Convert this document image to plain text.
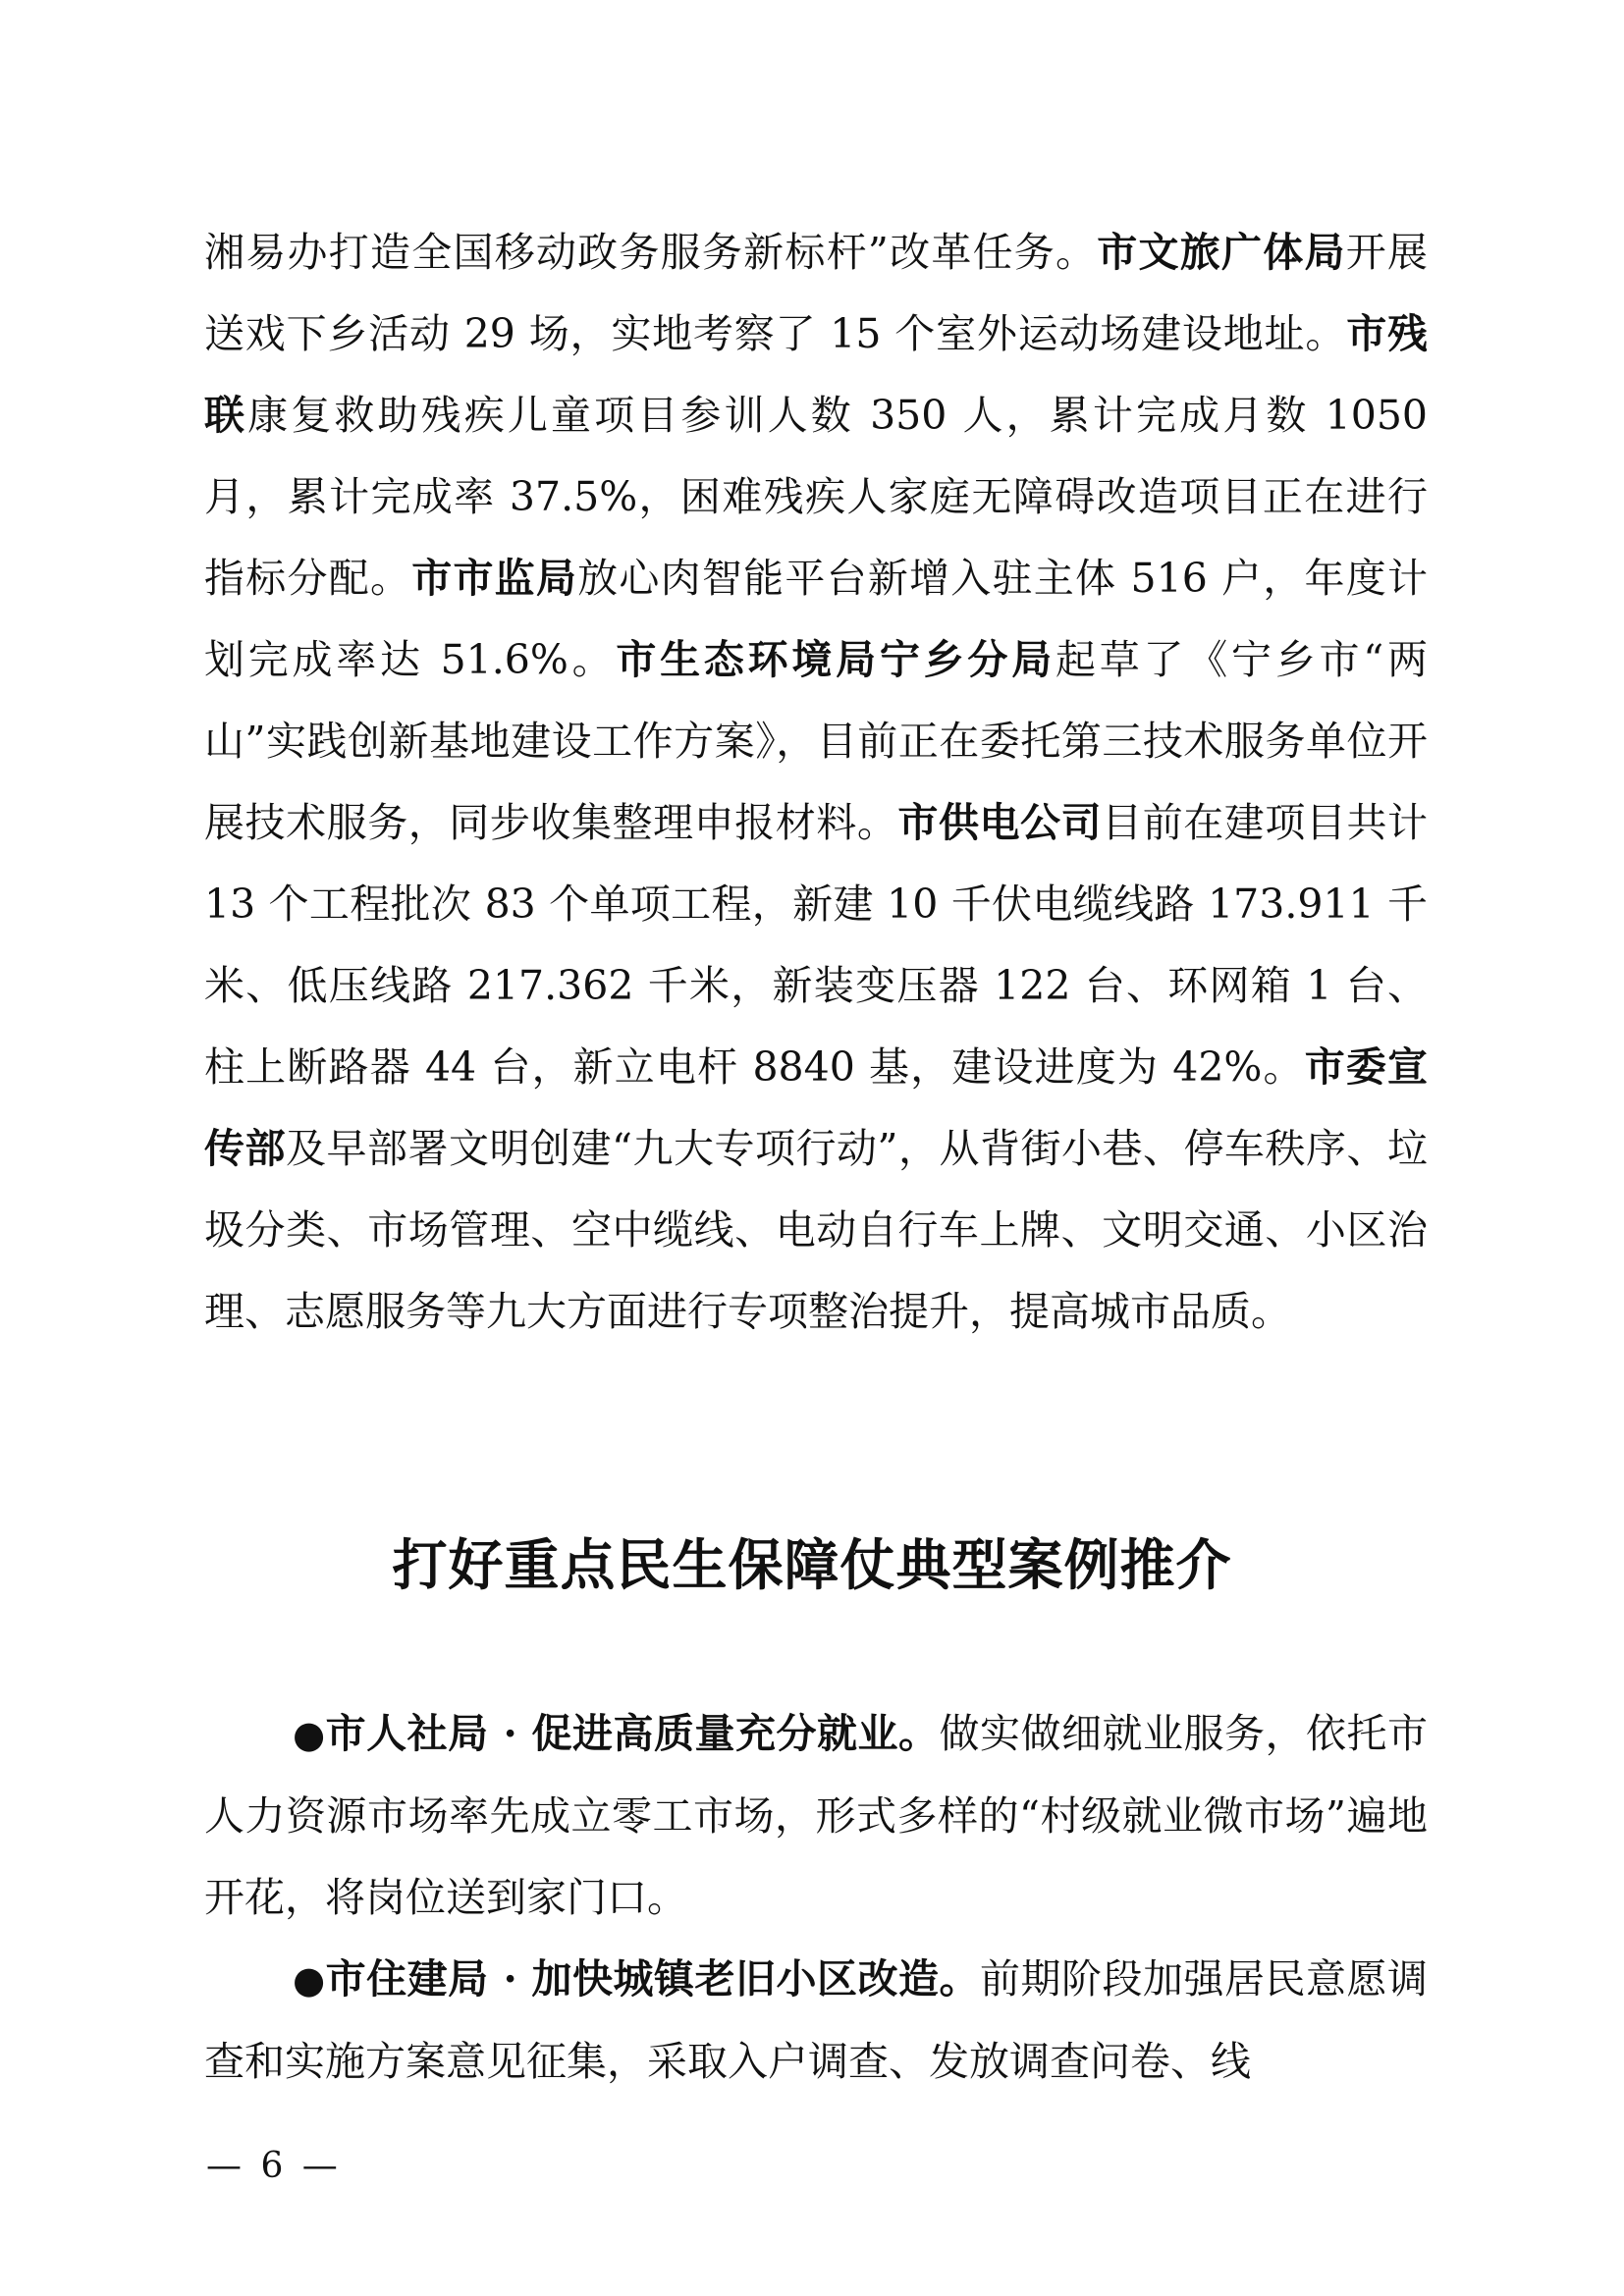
湘易办打造全国移动政务服务新标杆”改革任务。市文旅广体局开展送戏下乡活动 29 场，实地考察了 15 个室外运动场建设地址。市残联康复救助残疾儿童项目参训人数 350 人，累计完成月数 1050 月，累计完成率 37.5%，困难残疾人家庭无障碍改造项目正在进行指标分配。市市监局放心肉智能平台新增入驻主体 516 户，年度计划完成率达 51.6%。市生态环境局宁乡分局起草了《宁乡市“两山”实践创新基地建设工作方案》，目前正在委托第三技术服务单位开展技术服务，同步收集整理申报材料。市供电公司目前在建项目共计 13 个工程批次 83 个单项工程，新建 10 千伏电缆线路 173.911 千米、低压线路 217.362 千米，新装变压器 122 台、环网箱 1 台、柱上断路器 44 台，新立电杆 8840 基，建设进度为 42%。市委宣传部及早部署文明创建“九大专项行动”，从背街小巷、停车秩序、垃圾分类、市场管理、空中缆线、电动自行车上牌、文明交通、小区治理、志愿服务等九大方面进行专项整治提升，提高城市品质。
打好重点民生保障仗典型案例推介
●市人社局 · 促进高质量充分就业。做实做细就业服务，依托市人力资源市场率先成立零工市场，形式多样的“村级就业微市场”遍地开花，将岗位送到家门口。
●市住建局 · 加快城镇老旧小区改造。前期阶段加强居民意愿调查和实施方案意见征集，采取入户调查、发放调查问卷、线
— 6 —
